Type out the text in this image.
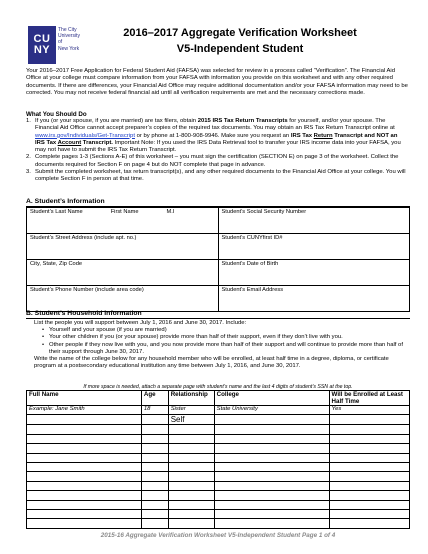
CU
NY
The City
University
of
New York
2016–2017 Aggregate Verification Worksheet
V5-Independent Student
Your 2016–2017 Free Application for Federal Student Aid (FAFSA) was selected for review in a process called “Verification”. The Financial Aid Office at your college must compare information from your FAFSA with information you provide on this worksheet and with any other required documents. If there are differences, your Financial Aid Office may require additional documentation and/or your FAFSA information may need to be corrected. You may not receive federal financial aid until all verification requirements are met and the necessary corrections made.
What You Should Do
1. If you (or your spouse, if you are married) are tax filers, obtain 2015 IRS Tax Return Transcripts for yourself, and/or your spouse. The Financial Aid Office cannot accept preparer’s copies of the required tax documents. You may obtain an IRS Tax Return Transcript online at www.irs.gov/Individuals/Get-Transcript or by phone at 1-800-908-9946. Make sure you request an IRS Tax Return Transcript and NOT an IRS Tax Account Transcript. Important Note: If you used the IRS Data Retrieval tool to transfer your IRS income data into your FAFSA, you may not have to submit the IRS Tax Return Transcript.
2. Complete pages 1-3 (Sections A-E) of this worksheet – you must sign the certification (SECTION E) on page 3 of the worksheet. Collect the documents required for Section F on page 4 but do NOT complete that page in advance.
3. Submit the completed worksheet, tax return transcript(s), and any other required documents to the Financial Aid Office at your college. You will complete Section F in person at that time.
A. Student’s Information
Student’s Last Name First Name M.I	Student’s Social Security Number
Student’s Street Address (include apt. no.)	Student’s CUNYfirst ID#
City, State, Zip Code	Student’s Date of Birth
Student’s Phone Number (include area code)	Student’s Email Address
B. Student’s Household Information
List the people you will support between July 1, 2016 and June 30, 2017. Include:
• Yourself and your spouse (if you are married)
• Your other children if you (or your spouse) provide more than half of their support, even if they don’t live with you.
• Other people if they now live with you, and you now provide more than half of their support and will continue to provide more than half of their support through June 30, 2017.
Write the name of the college below for any household member who will be enrolled, at least half time in a degree, diploma, or certificate program at a postsecondary educational institution any time between July 1, 2016, and June 30, 2017.
If more space is needed, attach a separate page with student’s name and the last 4 digits of student’s SSN at the top.
Full Name	Age	Relationship	College	Will be Enrolled at Least Half Time
Example: Jane Smith	18	Sister	State University	Yes
		Self		

2015-16 Aggregate Verification Worksheet V5-Independent Student Page 1 of 4
